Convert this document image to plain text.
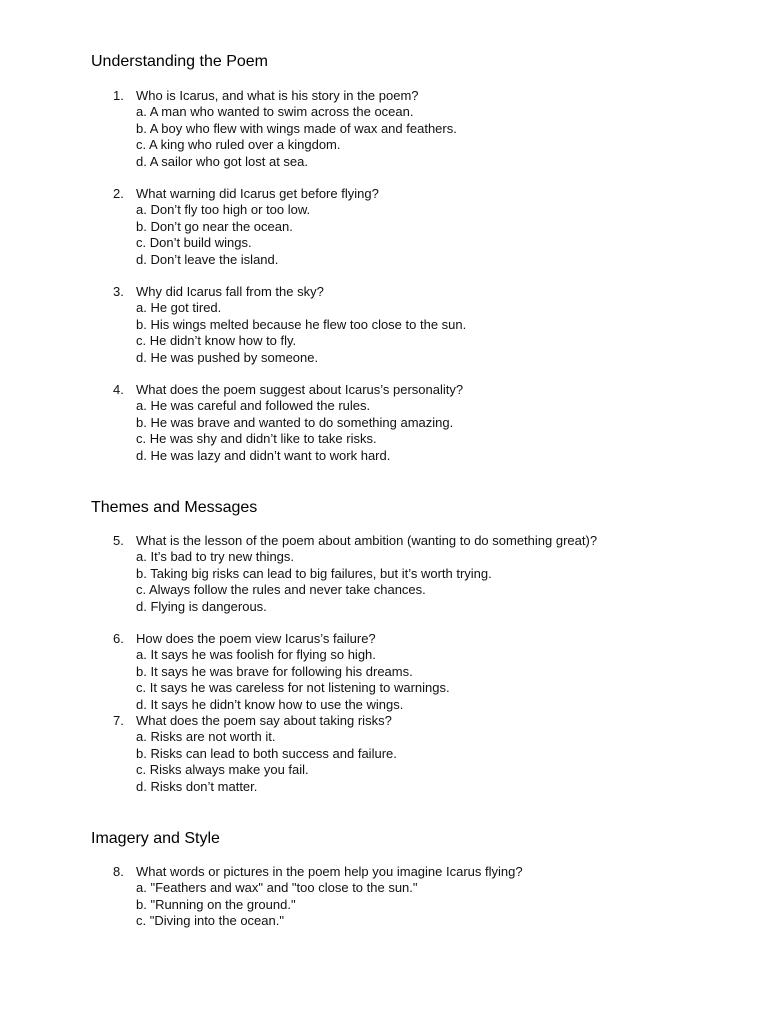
Understanding the Poem
1. Who is Icarus, and what is his story in the poem?
a. A man who wanted to swim across the ocean.
b. A boy who flew with wings made of wax and feathers.
c. A king who ruled over a kingdom.
d. A sailor who got lost at sea.
2. What warning did Icarus get before flying?
a. Don’t fly too high or too low.
b. Don’t go near the ocean.
c. Don’t build wings.
d. Don’t leave the island.
3. Why did Icarus fall from the sky?
a. He got tired.
b. His wings melted because he flew too close to the sun.
c. He didn’t know how to fly.
d. He was pushed by someone.
4. What does the poem suggest about Icarus’s personality?
a. He was careful and followed the rules.
b. He was brave and wanted to do something amazing.
c. He was shy and didn’t like to take risks.
d. He was lazy and didn’t want to work hard.
Themes and Messages
5. What is the lesson of the poem about ambition (wanting to do something great)?
a. It’s bad to try new things.
b. Taking big risks can lead to big failures, but it’s worth trying.
c. Always follow the rules and never take chances.
d. Flying is dangerous.
6. How does the poem view Icarus’s failure?
a. It says he was foolish for flying so high.
b. It says he was brave for following his dreams.
c. It says he was careless for not listening to warnings.
d. It says he didn’t know how to use the wings.
7. What does the poem say about taking risks?
a. Risks are not worth it.
b. Risks can lead to both success and failure.
c. Risks always make you fail.
d. Risks don’t matter.
Imagery and Style
8. What words or pictures in the poem help you imagine Icarus flying?
a. "Feathers and wax" and "too close to the sun."
b. "Running on the ground."
c. "Diving into the ocean."
